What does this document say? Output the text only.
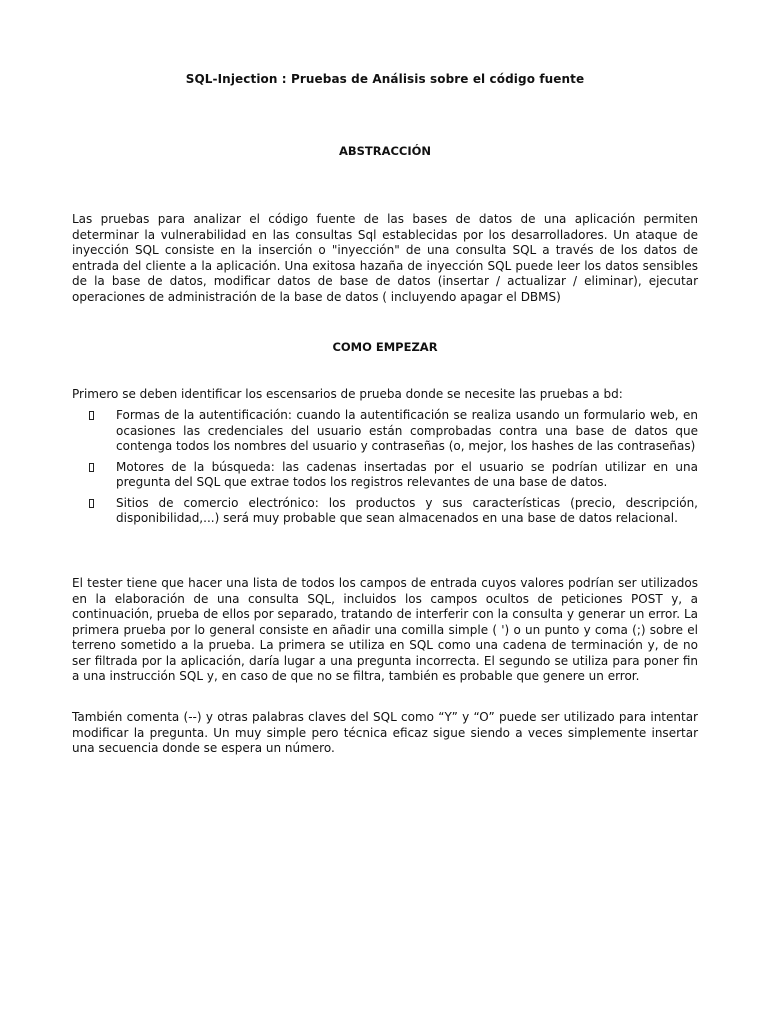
SQL-Injection : Pruebas de Análisis sobre el código fuente
ABSTRACCIÓN

Las pruebas para analizar el código fuente de las bases de datos de una aplicación permiten determinar la vulnerabilidad en las consultas Sql establecidas por los desarrolladores. Un ataque de inyección SQL consiste en la inserción o "inyección" de una consulta SQL a través de los datos de entrada del cliente a la aplicación. Una exitosa hazaña de inyección SQL puede leer los datos sensibles de la base de datos, modificar datos de base de datos (insertar / actualizar / eliminar), ejecutar operaciones de administración de la base de datos ( incluyendo apagar el DBMS)

COMO EMPEZAR

Primero se deben identificar los escensarios de prueba donde se necesite las pruebas a bd:

Formas de la autentificación: cuando la autentificación se realiza usando un formulario web, en ocasiones las credenciales del usuario están comprobadas contra una base de datos que contenga todos los nombres del usuario y contraseñas (o, mejor, los hashes de las contraseñas)
Motores de la búsqueda: las cadenas insertadas por el usuario se podrían utilizar en una pregunta del SQL que extrae todos los registros relevantes de una base de datos.
Sitios de comercio electrónico: los productos y sus características (precio, descripción, disponibilidad,...) será muy probable que sean almacenados en una base de datos relacional.

El tester tiene que hacer una lista de todos los campos de entrada cuyos valores podrían ser utilizados en la elaboración de una consulta SQL, incluidos los campos ocultos de peticiones POST y, a continuación, prueba de ellos por separado, tratando de interferir con la consulta y generar un error. La primera prueba por lo general consiste en añadir una comilla simple ( ') o un punto y coma (;) sobre el terreno sometido a la prueba. La primera se utiliza en SQL como una cadena de terminación y, de no ser filtrada por la aplicación, daría lugar a una pregunta incorrecta. El segundo se utiliza para poner fin a una instrucción SQL y, en caso de que no se filtra, también es probable que genere un error.

También comenta (--) y otras palabras claves del SQL como “Y” y “O” puede ser utilizado para intentar modificar la pregunta. Un muy simple pero técnica eficaz sigue siendo a veces simplemente insertar una secuencia donde se espera un número.
